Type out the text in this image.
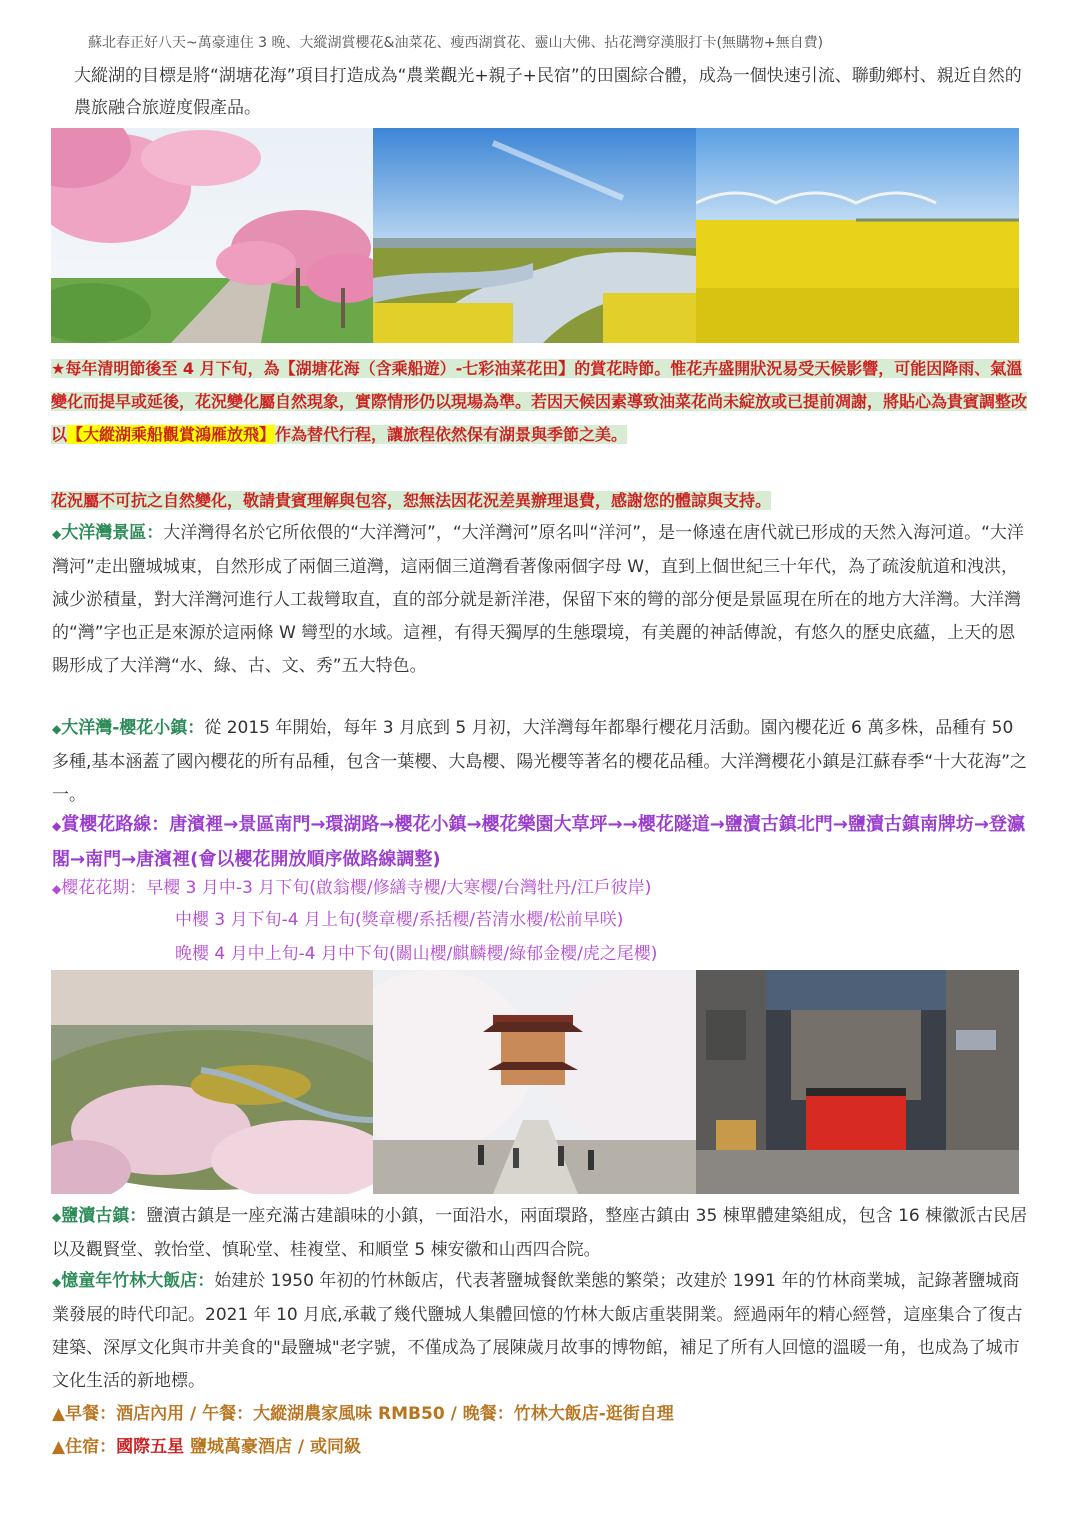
蘇北春正好八天~萬豪連住 3 晚、大縱湖賞櫻花&油菜花、瘦西湖賞花、靈山大佛、拈花灣穿漢服打卡(無購物+無自費)
大縱湖的目標是將“湖塘花海”項目打造成為“農業觀光+親子+民宿”的田園綜合體，成為一個快速引流、聯動鄉村、親近自然的農旅融合旅遊度假產品。
★每年清明節後至 4 月下旬，為【湖塘花海（含乘船遊）-七彩油菜花田】的賞花時節。惟花卉盛開狀況易受天候影響，可能因降雨、氣溫變化而提早或延後，花況變化屬自然現象，實際情形仍以現場為準。若因天候因素導致油菜花尚未綻放或已提前凋謝，將貼心為貴賓調整改以【大縱湖乘船觀賞鴻雁放飛】作為替代行程，讓旅程依然保有湖景與季節之美。
花況屬不可抗之自然變化，敬請貴賓理解與包容，恕無法因花況差異辦理退費，感謝您的體諒與支持。
◆大洋灣景區：大洋灣得名於它所依偎的“大洋灣河”，“大洋灣河”原名叫“洋河”，是一條遠在唐代就已形成的天然入海河道。“大洋灣河”走出鹽城城東，自然形成了兩個三道灣，這兩個三道灣看著像兩個字母 W，直到上個世紀三十年代，為了疏浚航道和洩洪，減少淤積量，對大洋灣河進行人工裁彎取直，直的部分就是新洋港，保留下來的彎的部分便是景區現在所在的地方大洋灣。大洋灣的“灣”字也正是來源於這兩條 W 彎型的水域。這裡，有得天獨厚的生態環境，有美麗的神話傳說，有悠久的歷史底蘊，上天的恩賜形成了大洋灣“水、綠、古、文、秀”五大特色。
◆大洋灣-櫻花小鎮：從 2015 年開始，每年 3 月底到 5 月初，大洋灣每年都舉行櫻花月活動。園內櫻花近 6 萬多株，品種有 50 多種,基本涵蓋了國內櫻花的所有品種，包含一葉櫻、大島櫻、陽光櫻等著名的櫻花品種。大洋灣櫻花小鎮是江蘇春季“十大花海”之一。
◆賞櫻花路線：唐濱裡→景區南門→環湖路→櫻花小鎮→櫻花樂園大草坪→→櫻花隧道→鹽瀆古鎮北門→鹽瀆古鎮南牌坊→登瀛閣→南門→唐濱裡(會以櫻花開放順序做路線調整)
◆櫻花花期：早櫻 3 月中-3 月下旬(啟翁櫻/修繕寺櫻/大寒櫻/台灣牡丹/江戶彼岸)
中櫻 3 月下旬-4 月上旬(獎章櫻/系括櫻/苔清水櫻/松前早咲)
晚櫻 4 月中上旬-4 月中下旬(關山櫻/麒麟櫻/綠郁金櫻/虎之尾櫻)
◆鹽瀆古鎮：鹽瀆古鎮是一座充滿古建韻味的小鎮，一面沿水，兩面環路，整座古鎮由 35 棟單體建築組成，包含 16 棟徽派古民居以及觀賢堂、敦怡堂、慎恥堂、桂複堂、和順堂 5 棟安徽和山西四合院。
◆憶童年竹林大飯店：始建於 1950 年初的竹林飯店，代表著鹽城餐飲業態的繁榮；改建於 1991 年的竹林商業城，記錄著鹽城商業發展的時代印記。2021 年 10 月底,承載了幾代鹽城人集體回憶的竹林大飯店重裝開業。經過兩年的精心經營，這座集合了復古建築、深厚文化與市井美食的"最鹽城"老字號，不僅成為了展陳歲月故事的博物館，補足了所有人回憶的溫暖一角，也成為了城市文化生活的新地標。
▲早餐：酒店內用 / 午餐：大縱湖農家風味 RMB50 / 晚餐：竹林大飯店-逛街自理
▲住宿：國際五星 鹽城萬豪酒店 / 或同級
